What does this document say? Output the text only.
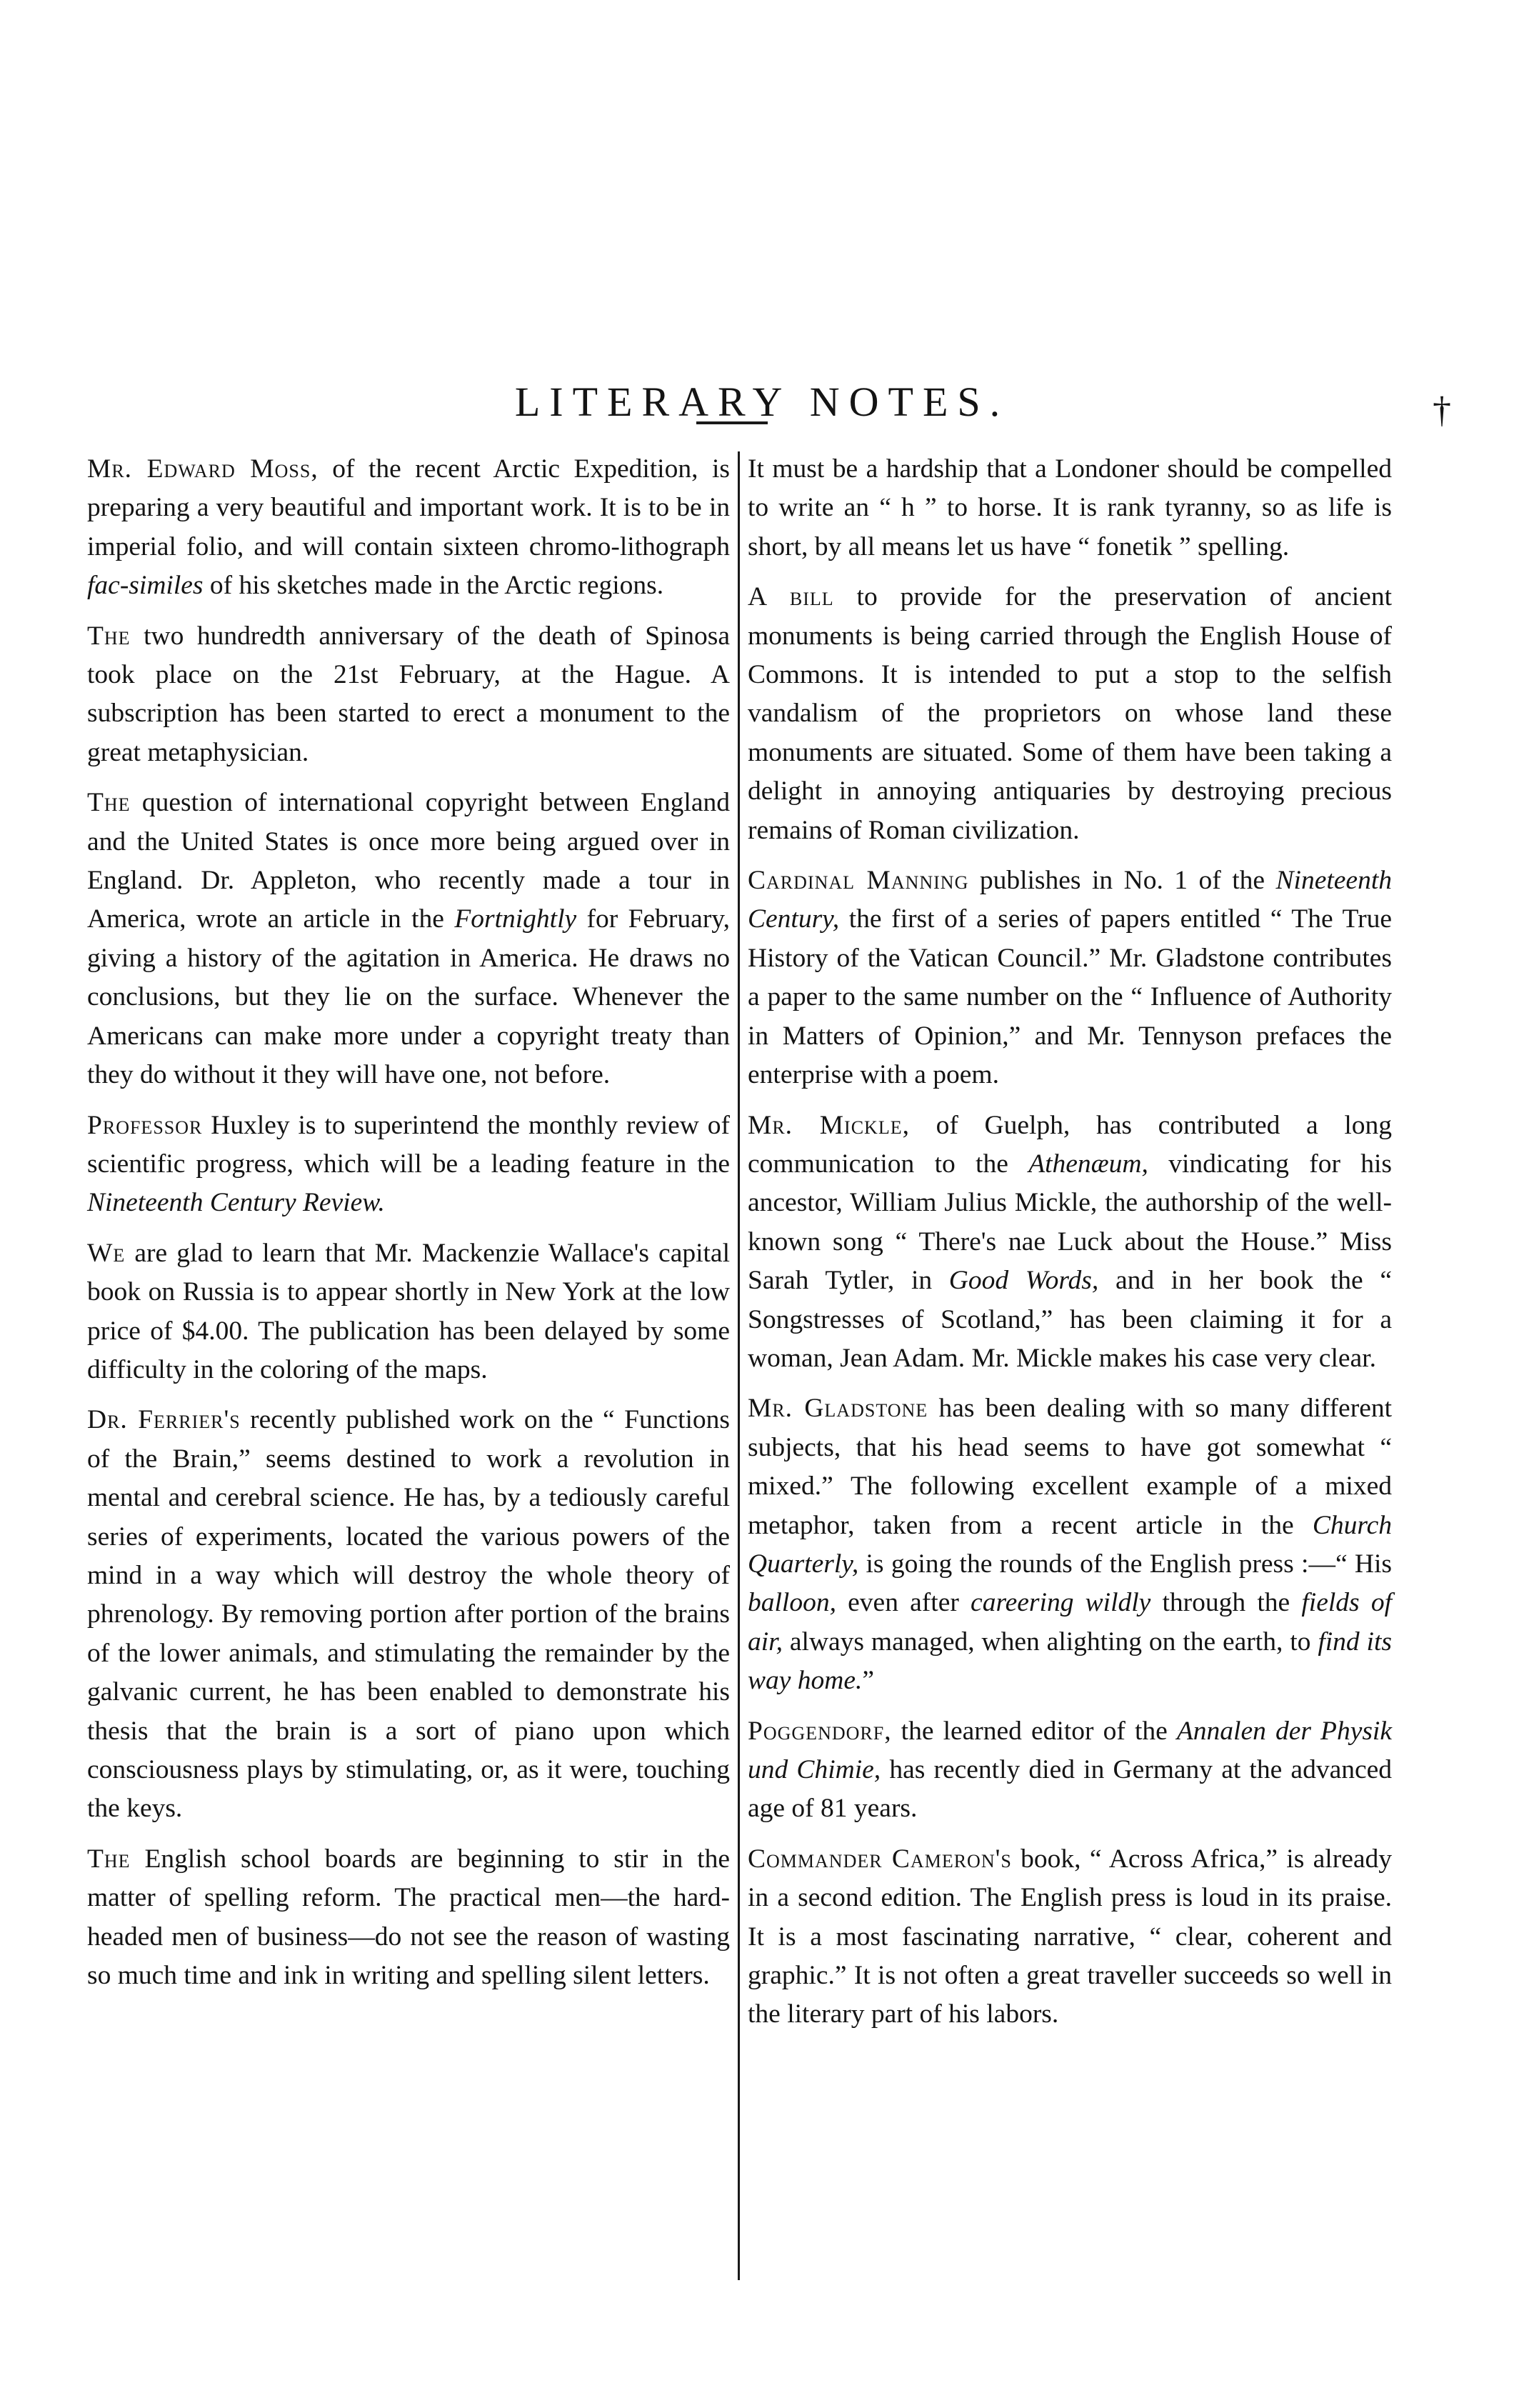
LITERARY NOTES.	†

Mr. Edward Moss, of the recent Arctic Expedition, is preparing a very beautiful and important work. It is to be in imperial folio, and will contain sixteen chromo-lithograph fac-similes of his sketches made in the Arctic regions.

The two hundredth anniversary of the death of Spinosa took place on the 21st February, at the Hague. A subscription has been started to erect a monument to the great metaphysician.

The question of international copyright between England and the United States is once more being argued over in England. Dr. Appleton, who recently made a tour in America, wrote an article in the Fortnightly for February, giving a history of the agitation in America. He draws no conclusions, but they lie on the surface. Whenever the Americans can make more under a copyright treaty than they do without it they will have one, not before.

Professor Huxley is to superintend the monthly review of scientific progress, which will be a leading feature in the Nineteenth Century Review.

We are glad to learn that Mr. Mackenzie Wallace's capital book on Russia is to appear shortly in New York at the low price of $4.00. The publication has been delayed by some difficulty in the coloring of the maps.

Dr. Ferrier's recently published work on the “ Functions of the Brain,” seems destined to work a revolution in mental and cerebral science. He has, by a tediously careful series of experiments, located the various powers of the mind in a way which will destroy the whole theory of phrenology. By removing portion after portion of the brains of the lower animals, and stimulating the remainder by the galvanic current, he has been enabled to demonstrate his thesis that the brain is a sort of piano upon which consciousness plays by stimulating, or, as it were, touching the keys.

The English school boards are beginning to stir in the matter of spelling reform. The practical men—the hard-headed men of business—do not see the reason of wasting so much time and ink in writing and spelling silent letters.

It must be a hardship that a Londoner should be compelled to write an “ h ” to horse. It is rank tyranny, so as life is short, by all means let us have “ fonetik ” spelling.

A bill to provide for the preservation of ancient monuments is being carried through the English House of Commons. It is intended to put a stop to the selfish vandalism of the proprietors on whose land these monuments are situated. Some of them have been taking a delight in annoying antiquaries by destroying precious remains of Roman civilization.

Cardinal Manning publishes in No. 1 of the Nineteenth Century, the first of a series of papers entitled “ The True History of the Vatican Council.” Mr. Gladstone contributes a paper to the same number on the “ Influence of Authority in Matters of Opinion,” and Mr. Tennyson prefaces the enterprise with a poem.

Mr. Mickle, of Guelph, has contributed a long communication to the Athenæum, vindicating for his ancestor, William Julius Mickle, the authorship of the well-known song “ There's nae Luck about the House.” Miss Sarah Tytler, in Good Words, and in her book the “ Songstresses of Scotland,” has been claiming it for a woman, Jean Adam. Mr. Mickle makes his case very clear.

Mr. Gladstone has been dealing with so many different subjects, that his head seems to have got somewhat “ mixed.” The following excellent example of a mixed metaphor, taken from a recent article in the Church Quarterly, is going the rounds of the English press :—“ His balloon, even after careering wildly through the fields of air, always managed, when alighting on the earth, to find its way home.”

Poggendorf, the learned editor of the Annalen der Physik und Chimie, has recently died in Germany at the advanced age of 81 years.

Commander Cameron's book, “ Across Africa,” is already in a second edition. The English press is loud in its praise. It is a most fascinating narrative, “ clear, coherent and graphic.” It is not often a great traveller succeeds so well in the literary part of his labors.
